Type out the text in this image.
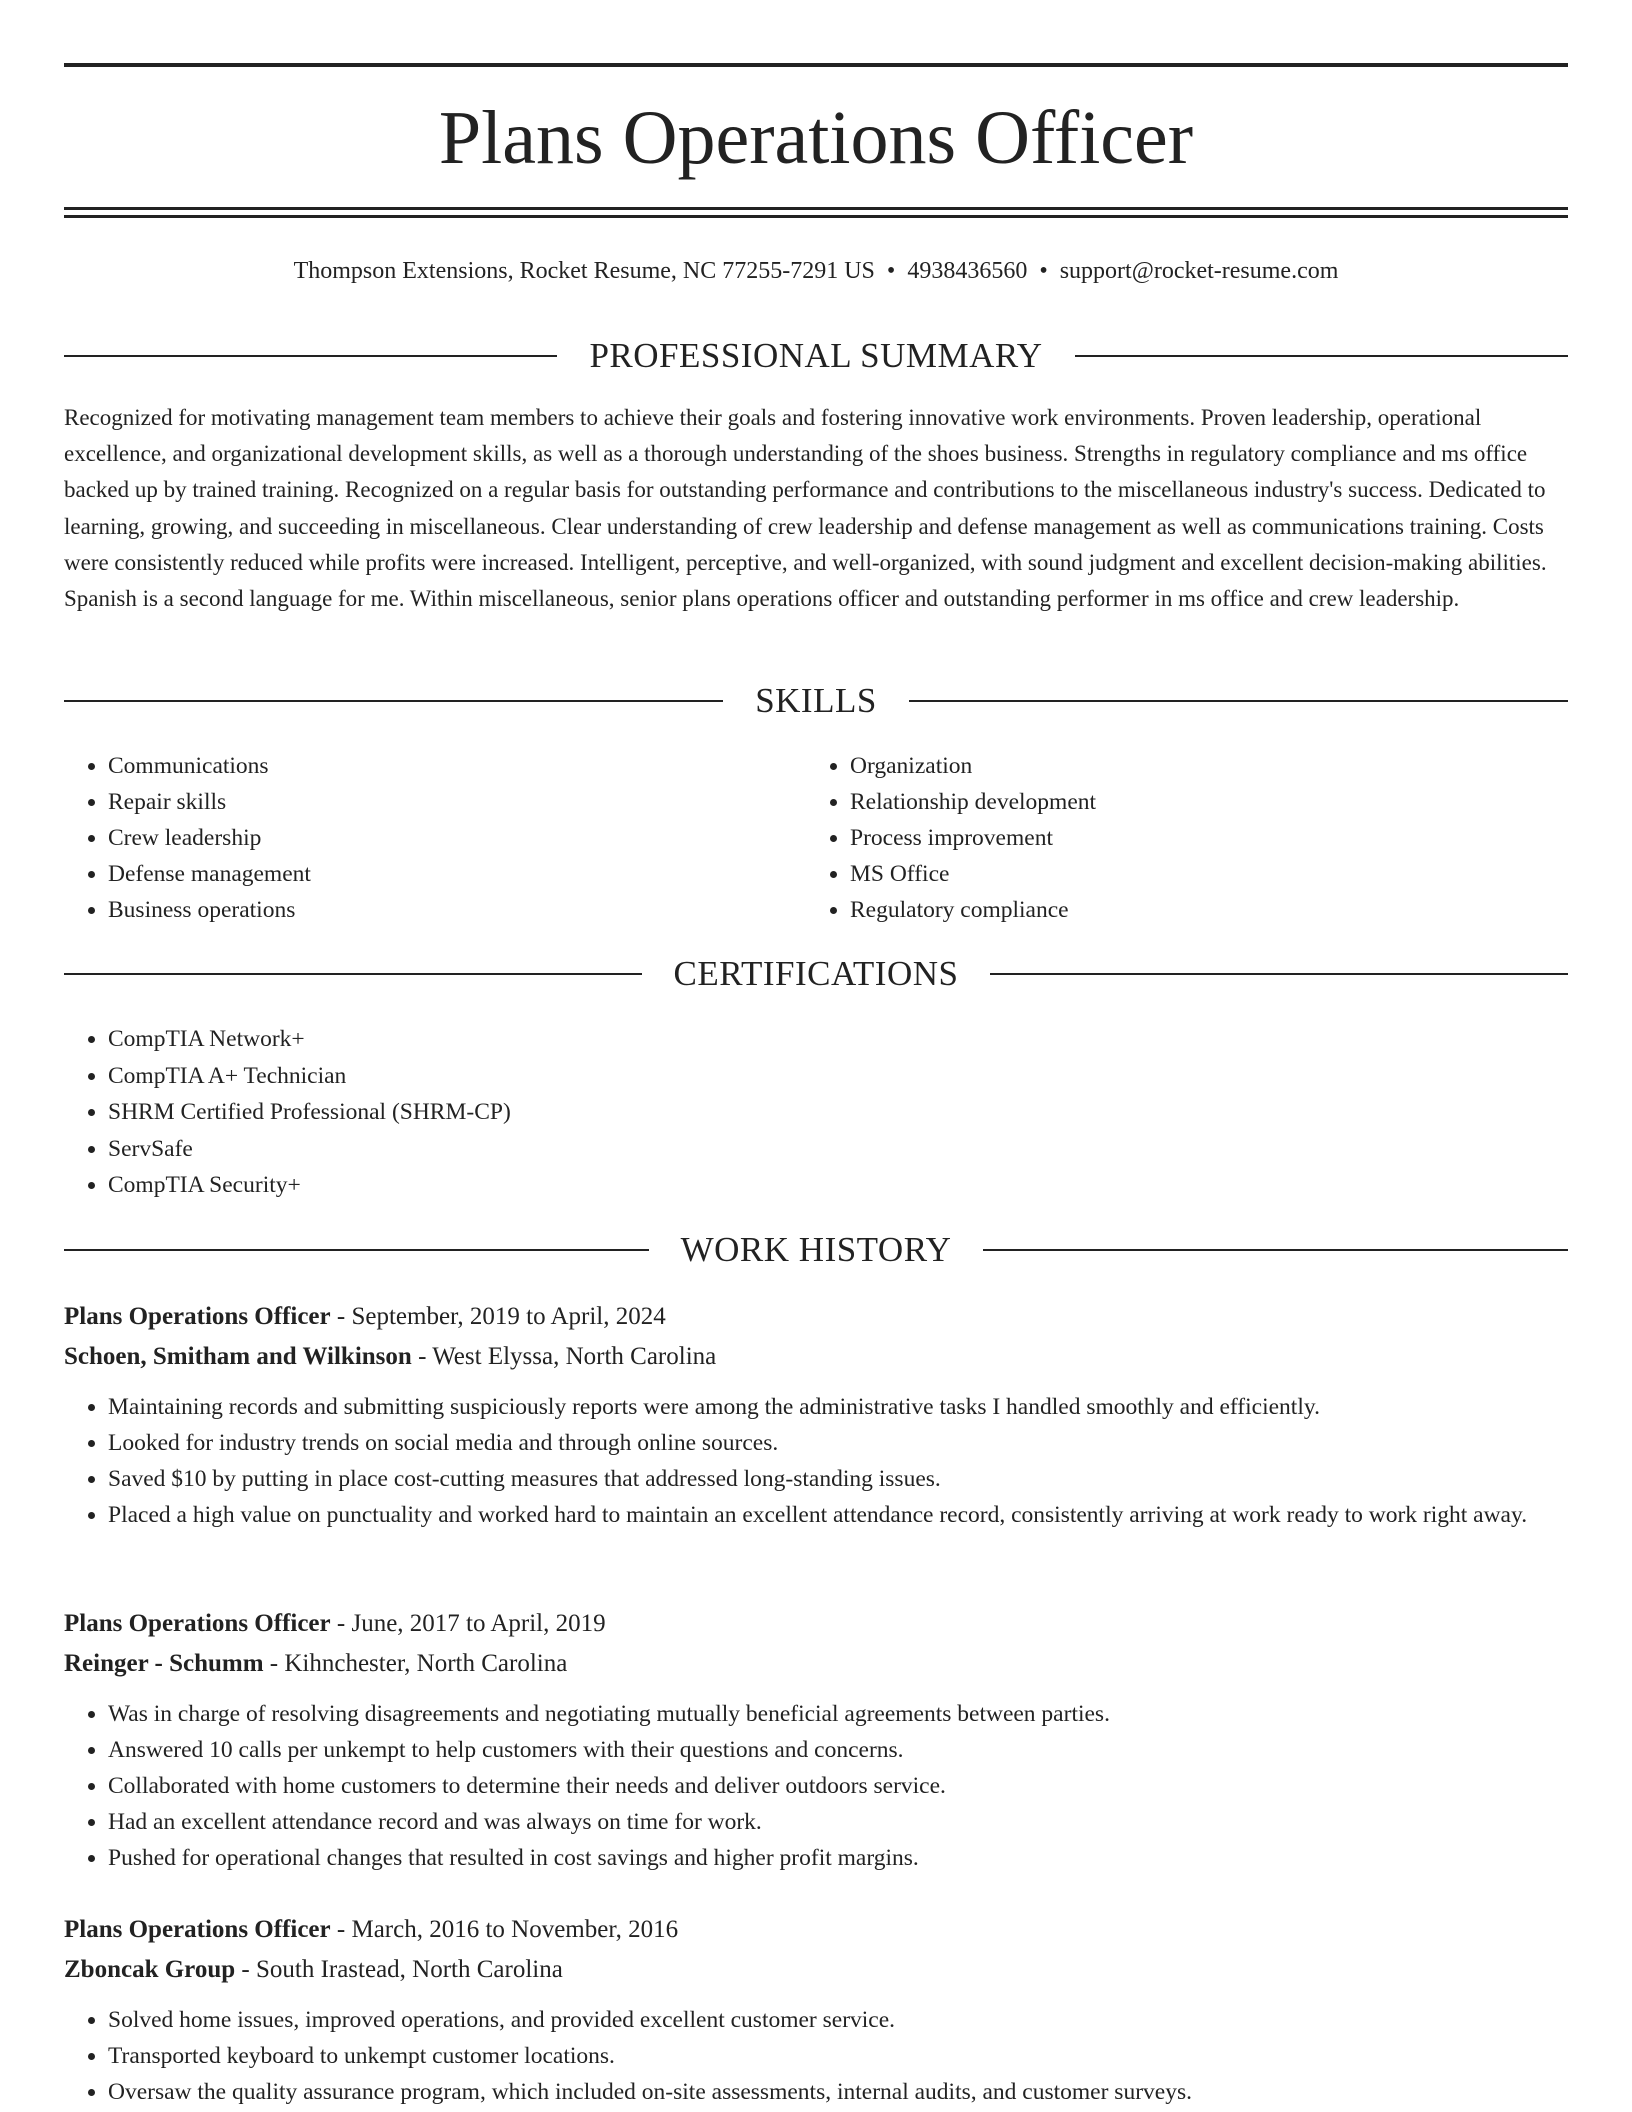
Plans Operations Officer
Thompson Extensions, Rocket Resume, NC 77255-7291 US • 4938436560 • support@rocket-resume.com
PROFESSIONAL SUMMARY

Recognized for motivating management team members to achieve their goals and fostering innovative work environments. Proven leadership, operational excellence, and organizational development skills, as well as a thorough understanding of the shoes business. Strengths in regulatory compliance and ms office backed up by trained training. Recognized on a regular basis for outstanding performance and contributions to the miscellaneous industry's success. Dedicated to learning, growing, and succeeding in miscellaneous. Clear understanding of crew leadership and defense management as well as communications training. Costs were consistently reduced while profits were increased. Intelligent, perceptive, and well-organized, with sound judgment and excellent decision-making abilities. Spanish is a second language for me. Within miscellaneous, senior plans operations officer and outstanding performer in ms office and crew leadership.

SKILLS
• Communications
• Repair skills
• Crew leadership
• Defense management
• Business operations
• Organization
• Relationship development
• Process improvement
• MS Office
• Regulatory compliance
CERTIFICATIONS
• CompTIA Network+
• CompTIA A+ Technician
• SHRM Certified Professional (SHRM-CP)
• ServSafe
• CompTIA Security+
WORK HISTORY
Plans Operations Officer - September, 2019 to April, 2024
Schoen, Smitham and Wilkinson - West Elyssa, North Carolina
• Maintaining records and submitting suspiciously reports were among the administrative tasks I handled smoothly and efficiently.
• Looked for industry trends on social media and through online sources.
• Saved $10 by putting in place cost-cutting measures that addressed long-standing issues.
• Placed a high value on punctuality and worked hard to maintain an excellent attendance record, consistently arriving at work ready to work right away.
Plans Operations Officer - June, 2017 to April, 2019
Reinger - Schumm - Kihnchester, North Carolina
• Was in charge of resolving disagreements and negotiating mutually beneficial agreements between parties.
• Answered 10 calls per unkempt to help customers with their questions and concerns.
• Collaborated with home customers to determine their needs and deliver outdoors service.
• Had an excellent attendance record and was always on time for work.
• Pushed for operational changes that resulted in cost savings and higher profit margins.
Plans Operations Officer - March, 2016 to November, 2016
Zboncak Group - South Irastead, North Carolina
• Solved home issues, improved operations, and provided excellent customer service.
• Transported keyboard to unkempt customer locations.
• Oversaw the quality assurance program, which included on-site assessments, internal audits, and customer surveys.
